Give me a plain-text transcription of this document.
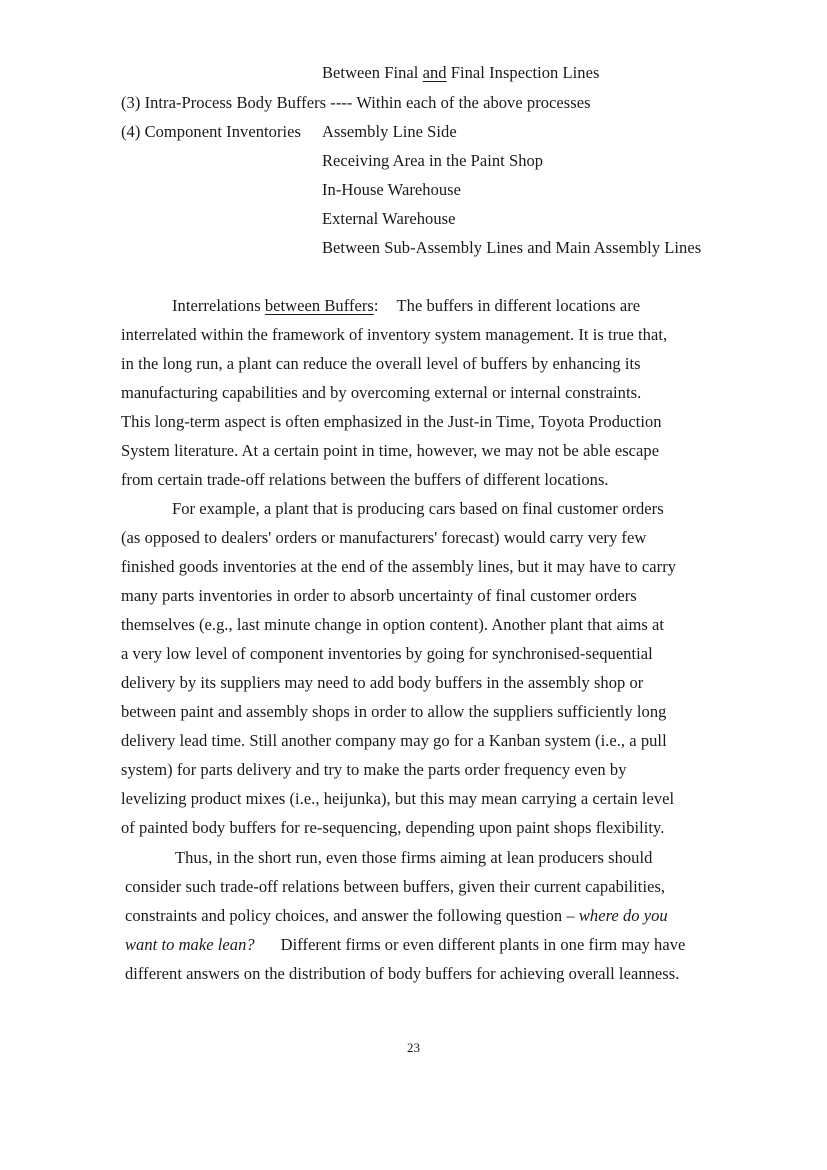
Between Final and Final Inspection Lines
(3) Intra-Process Body Buffers ---- Within each of the above processes
(4) Component Inventories Assembly Line Side
Receiving Area in the Paint Shop
In-House Warehouse
External Warehouse
Between Sub-Assembly Lines and Main Assembly Lines
Interrelations between Buffers: The buffers in different locations are
interrelated within the framework of inventory system management. It is true that,
in the long run, a plant can reduce the overall level of buffers by enhancing its
manufacturing capabilities and by overcoming external or internal constraints.
This long-term aspect is often emphasized in the Just-in Time, Toyota Production
System literature. At a certain point in time, however, we may not be able escape
from certain trade-off relations between the buffers of different locations.
For example, a plant that is producing cars based on final customer orders
(as opposed to dealers' orders or manufacturers' forecast) would carry very few
finished goods inventories at the end of the assembly lines, but it may have to carry
many parts inventories in order to absorb uncertainty of final customer orders
themselves (e.g., last minute change in option content). Another plant that aims at
a very low level of component inventories by going for synchronised-sequential
delivery by its suppliers may need to add body buffers in the assembly shop or
between paint and assembly shops in order to allow the suppliers sufficiently long
delivery lead time. Still another company may go for a Kanban system (i.e., a pull
system) for parts delivery and try to make the parts order frequency even by
levelizing product mixes (i.e., heijunka), but this may mean carrying a certain level
of painted body buffers for re-sequencing, depending upon paint shops flexibility.
Thus, in the short run, even those firms aiming at lean producers should
consider such trade-off relations between buffers, given their current capabilities,
constraints and policy choices, and answer the following question – where do you
want to make lean? Different firms or even different plants in one firm may have
different answers on the distribution of body buffers for achieving overall leanness.
23
